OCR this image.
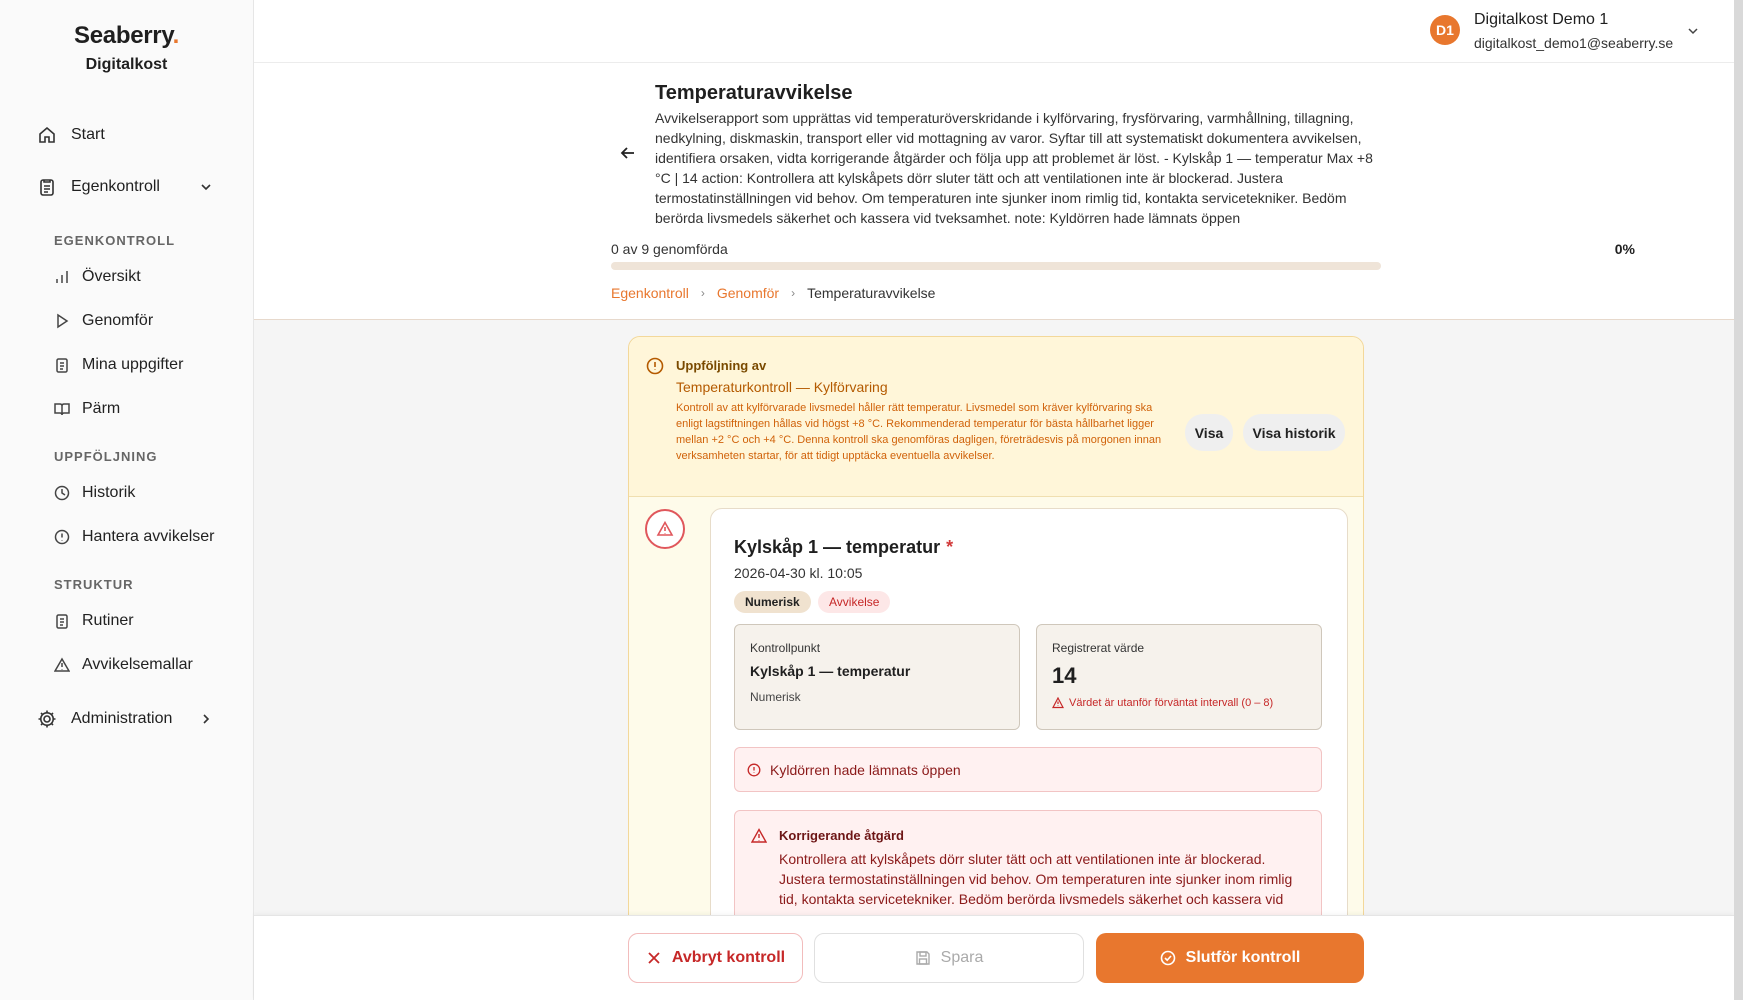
Seaberry.
Digitalkost
Start
Egenkontroll
EGENKONTROLL
Översikt
Genomför
Mina uppgifter
Pärm
UPPFÖLJNING
Historik
Hantera avvikelser
STRUKTUR
Rutiner
Avvikelsemallar
Administration
D1
Digitalkost Demo 1
digitalkost_demo1@seaberry.se
Temperaturavvikelse

Avvikelserapport som upprättas vid temperaturöverskridande i kylförvaring, frysförvaring, varmhållning, tillagning, nedkylning, diskmaskin, transport eller vid mottagning av varor. Syftar till att systematiskt dokumentera avvikelsen, identifiera orsaken, vidta korrigerande åtgärder och följa upp att problemet är löst. - Kylskåp 1 — temperatur Max +8 °C | 14 action: Kontrollera att kylskåpets dörr sluter tätt och att ventilationen inte är blockerad. Justera termostatinställningen vid behov. Om temperaturen inte sjunker inom rimlig tid, kontakta servicetekniker. Bedöm berörda livsmedels säkerhet och kassera vid tveksamhet. note: Kyldörren hade lämnats öppen

0 av 9 genomförda	0%
Egenkontroll › Genomför › Temperaturavvikelse
Uppföljning av
Temperaturkontroll — Kylförvaring

Kontroll av att kylförvarade livsmedel håller rätt temperatur. Livsmedel som kräver kylförvaring ska enligt lagstiftningen hållas vid högst +8 °C. Rekommenderad temperatur för bästa hållbarhet ligger mellan +2 °C och +4 °C. Denna kontroll ska genomföras dagligen, företrädesvis på morgonen innan verksamheten startar, för att tidigt upptäcka eventuella avvikelser.

Visa	Visa historik
Kylskåp 1 — temperatur *
2026-04-30 kl. 10:05
Numerisk	Avvikelse
Kontrollpunkt
Kylskåp 1 — temperatur
Numerisk
Registrerat värde
14
Värdet är utanför förväntat intervall (0 – 8)
Kyldörren hade lämnats öppen
Korrigerande åtgärd

Kontrollera att kylskåpets dörr sluter tätt och att ventilationen inte är blockerad. Justera termostatinställningen vid behov. Om temperaturen inte sjunker inom rimlig tid, kontakta servicetekniker. Bedöm berörda livsmedels säkerhet och kassera vid

Avbryt kontroll	Spara	Slutför kontroll
